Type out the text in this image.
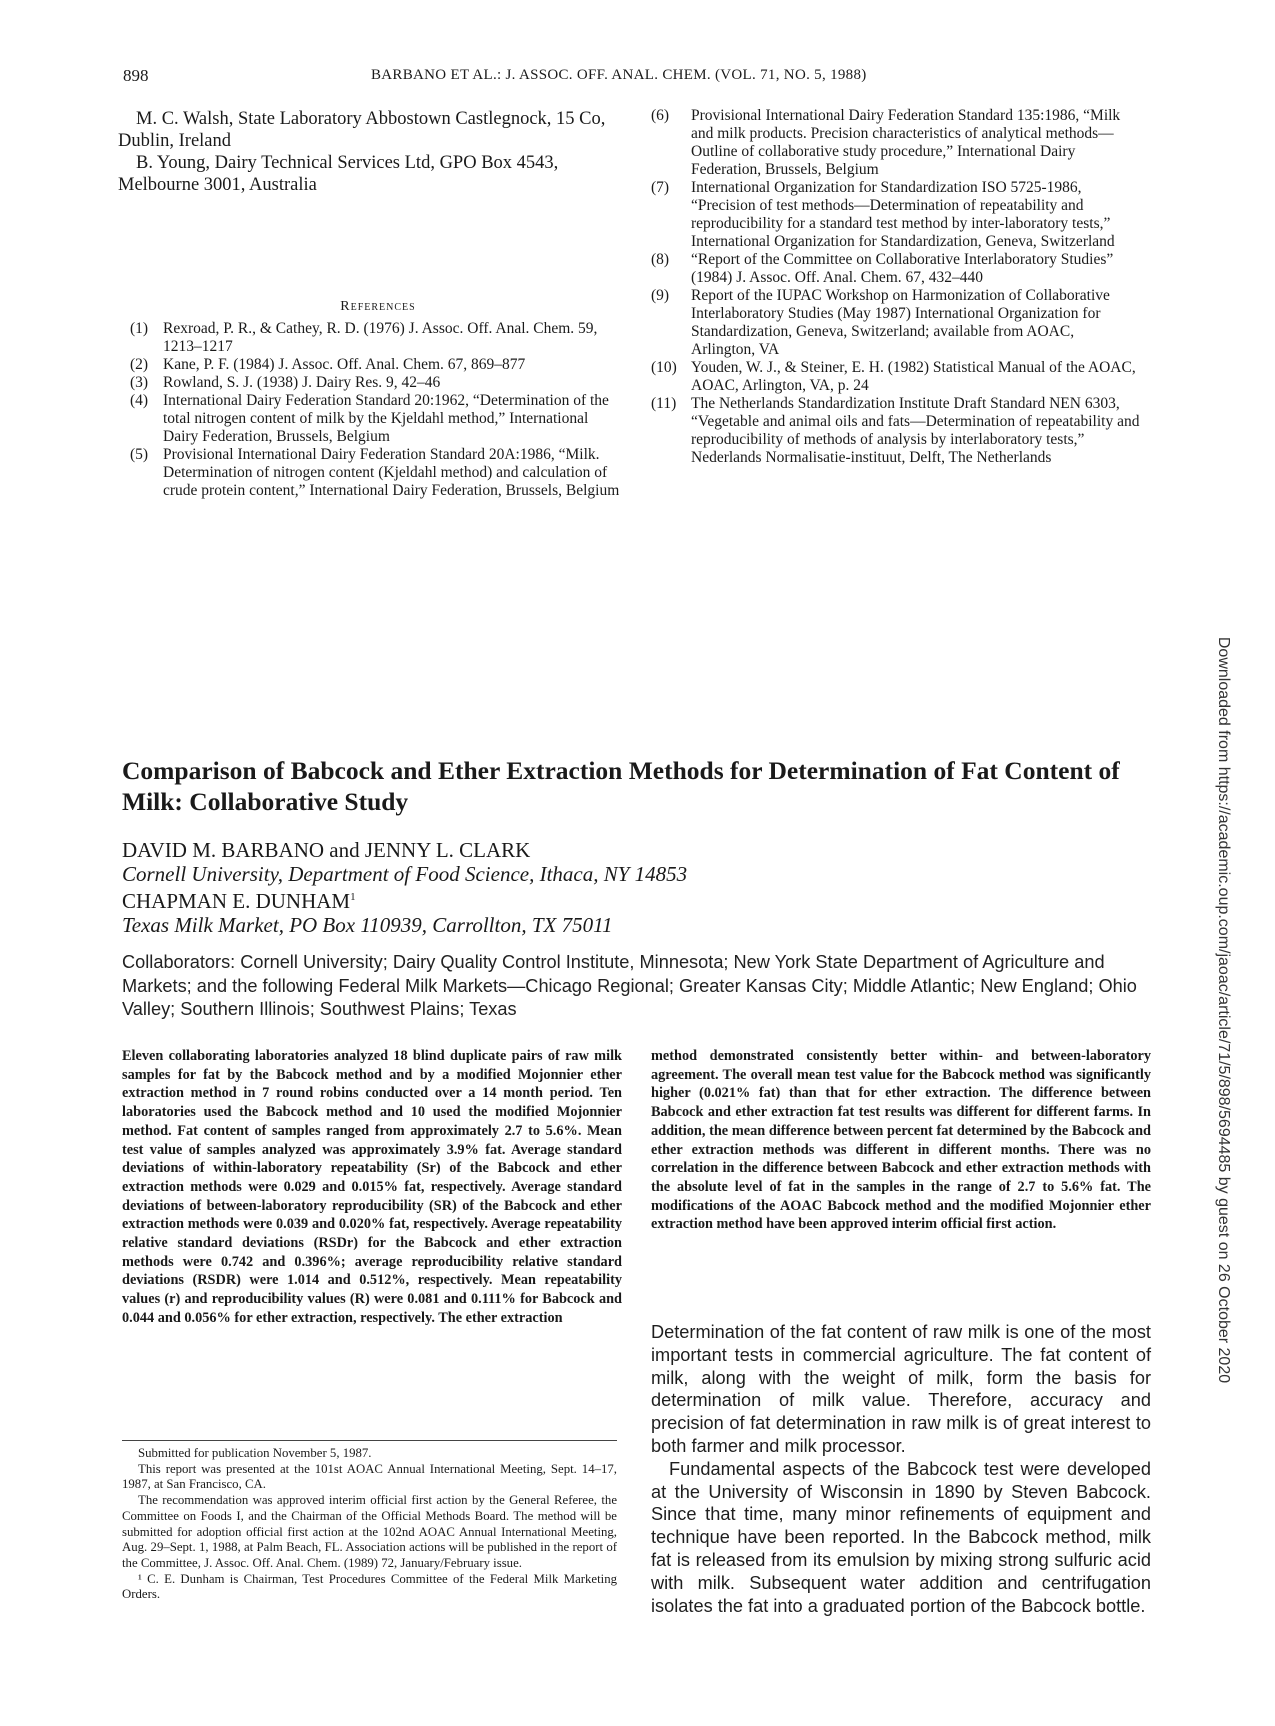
898	BARBANO ET AL.: J. ASSOC. OFF. ANAL. CHEM. (VOL. 71, NO. 5, 1988)

M. C. Walsh, State Laboratory Abbostown Castlegnock, 15 Co, Dublin, Ireland

B. Young, Dairy Technical Services Ltd, GPO Box 4543, Melbourne 3001, Australia

References
(1) Rexroad, P. R., & Cathey, R. D. (1976) J. Assoc. Off. Anal. Chem. 59, 1213–1217
(2) Kane, P. F. (1984) J. Assoc. Off. Anal. Chem. 67, 869–877
(3) Rowland, S. J. (1938) J. Dairy Res. 9, 42–46
(4) International Dairy Federation Standard 20:1962, “Determination of the total nitrogen content of milk by the Kjeldahl method,” International Dairy Federation, Brussels, Belgium
(5) Provisional International Dairy Federation Standard 20A:1986, “Milk. Determination of nitrogen content (Kjeldahl method) and calculation of crude protein content,” International Dairy Federation, Brussels, Belgium
(6) Provisional International Dairy Federation Standard 135:1986, “Milk and milk products. Precision characteristics of analytical methods—Outline of collaborative study procedure,” International Dairy Federation, Brussels, Belgium
(7) International Organization for Standardization ISO 5725-1986, “Precision of test methods—Determination of repeatability and reproducibility for a standard test method by inter-laboratory tests,” International Organization for Standardization, Geneva, Switzerland
(8) “Report of the Committee on Collaborative Interlaboratory Studies” (1984) J. Assoc. Off. Anal. Chem. 67, 432–440
(9) Report of the IUPAC Workshop on Harmonization of Collaborative Interlaboratory Studies (May 1987) International Organization for Standardization, Geneva, Switzerland; available from AOAC, Arlington, VA
(10) Youden, W. J., & Steiner, E. H. (1982) Statistical Manual of the AOAC, AOAC, Arlington, VA, p. 24
(11) The Netherlands Standardization Institute Draft Standard NEN 6303, “Vegetable and animal oils and fats—Determination of repeatability and reproducibility of methods of analysis by interlaboratory tests,” Nederlands Normalisatie-instituut, Delft, The Netherlands
Downloaded from https://academic.oup.com/jaoac/article/71/5/898/5694485 by guest on 26 October 2020
Comparison of Babcock and Ether Extraction Methods for Determination of Fat Content of Milk: Collaborative Study

DAVID M. BARBANO and JENNY L. CLARK

Cornell University, Department of Food Science, Ithaca, NY 14853

CHAPMAN E. DUNHAM$^1$

Texas Milk Market, PO Box 110939, Carrollton, TX 75011

Collaborators: Cornell University; Dairy Quality Control Institute, Minnesota; New York State Department of Agriculture and Markets; and the following Federal Milk Markets—Chicago Regional; Greater Kansas City; Middle Atlantic; New England; Ohio Valley; Southern Illinois; Southwest Plains; Texas
Eleven collaborating laboratories analyzed 18 blind duplicate pairs of raw milk samples for fat by the Babcock method and by a modified Mojonnier ether extraction method in 7 round robins conducted over a 14 month period. Ten laboratories used the Babcock method and 10 used the modified Mojonnier method. Fat content of samples ranged from approximately 2.7 to 5.6%. Mean test value of samples analyzed was approximately 3.9% fat. Average standard deviations of within-laboratory repeatability (Sr) of the Babcock and ether extraction methods were 0.029 and 0.015% fat, respectively. Average standard deviations of between-laboratory reproducibility (SR) of the Babcock and ether extraction methods were 0.039 and 0.020% fat, respectively. Average repeatability relative standard deviations (RSDr) for the Babcock and ether extraction methods were 0.742 and 0.396%; average reproducibility relative standard deviations (RSDR) were 1.014 and 0.512%, respectively. Mean repeatability values (r) and reproducibility values (R) were 0.081 and 0.111% for Babcock and 0.044 and 0.056% for ether extraction, respectively. The ether extraction
method demonstrated consistently better within- and between-laboratory agreement. The overall mean test value for the Babcock method was significantly higher (0.021% fat) than that for ether extraction. The difference between Babcock and ether extraction fat test results was different for different farms. In addition, the mean difference between percent fat determined by the Babcock and ether extraction methods was different in different months. There was no correlation in the difference between Babcock and ether extraction methods with the absolute level of fat in the samples in the range of 2.7 to 5.6% fat. The modifications of the AOAC Babcock method and the modified Mojonnier ether extraction method have been approved interim official first action.

Submitted for publication November 5, 1987.

This report was presented at the 101st AOAC Annual International Meeting, Sept. 14–17, 1987, at San Francisco, CA.

The recommendation was approved interim official first action by the General Referee, the Committee on Foods I, and the Chairman of the Official Methods Board. The method will be submitted for adoption official first action at the 102nd AOAC Annual International Meeting, Aug. 29–Sept. 1, 1988, at Palm Beach, FL. Association actions will be published in the report of the Committee, J. Assoc. Off. Anal. Chem. (1989) 72, January/February issue.

¹ C. E. Dunham is Chairman, Test Procedures Committee of the Federal Milk Marketing Orders.

Determination of the fat content of raw milk is one of the most important tests in commercial agriculture. The fat content of milk, along with the weight of milk, form the basis for determination of milk value. Therefore, accuracy and precision of fat determination in raw milk is of great interest to both farmer and milk processor.

Fundamental aspects of the Babcock test were developed at the University of Wisconsin in 1890 by Steven Babcock. Since that time, many minor refinements of equipment and technique have been reported. In the Babcock method, milk fat is released from its emulsion by mixing strong sulfuric acid with milk. Subsequent water addition and centrifugation isolates the fat into a graduated portion of the Babcock bottle.
